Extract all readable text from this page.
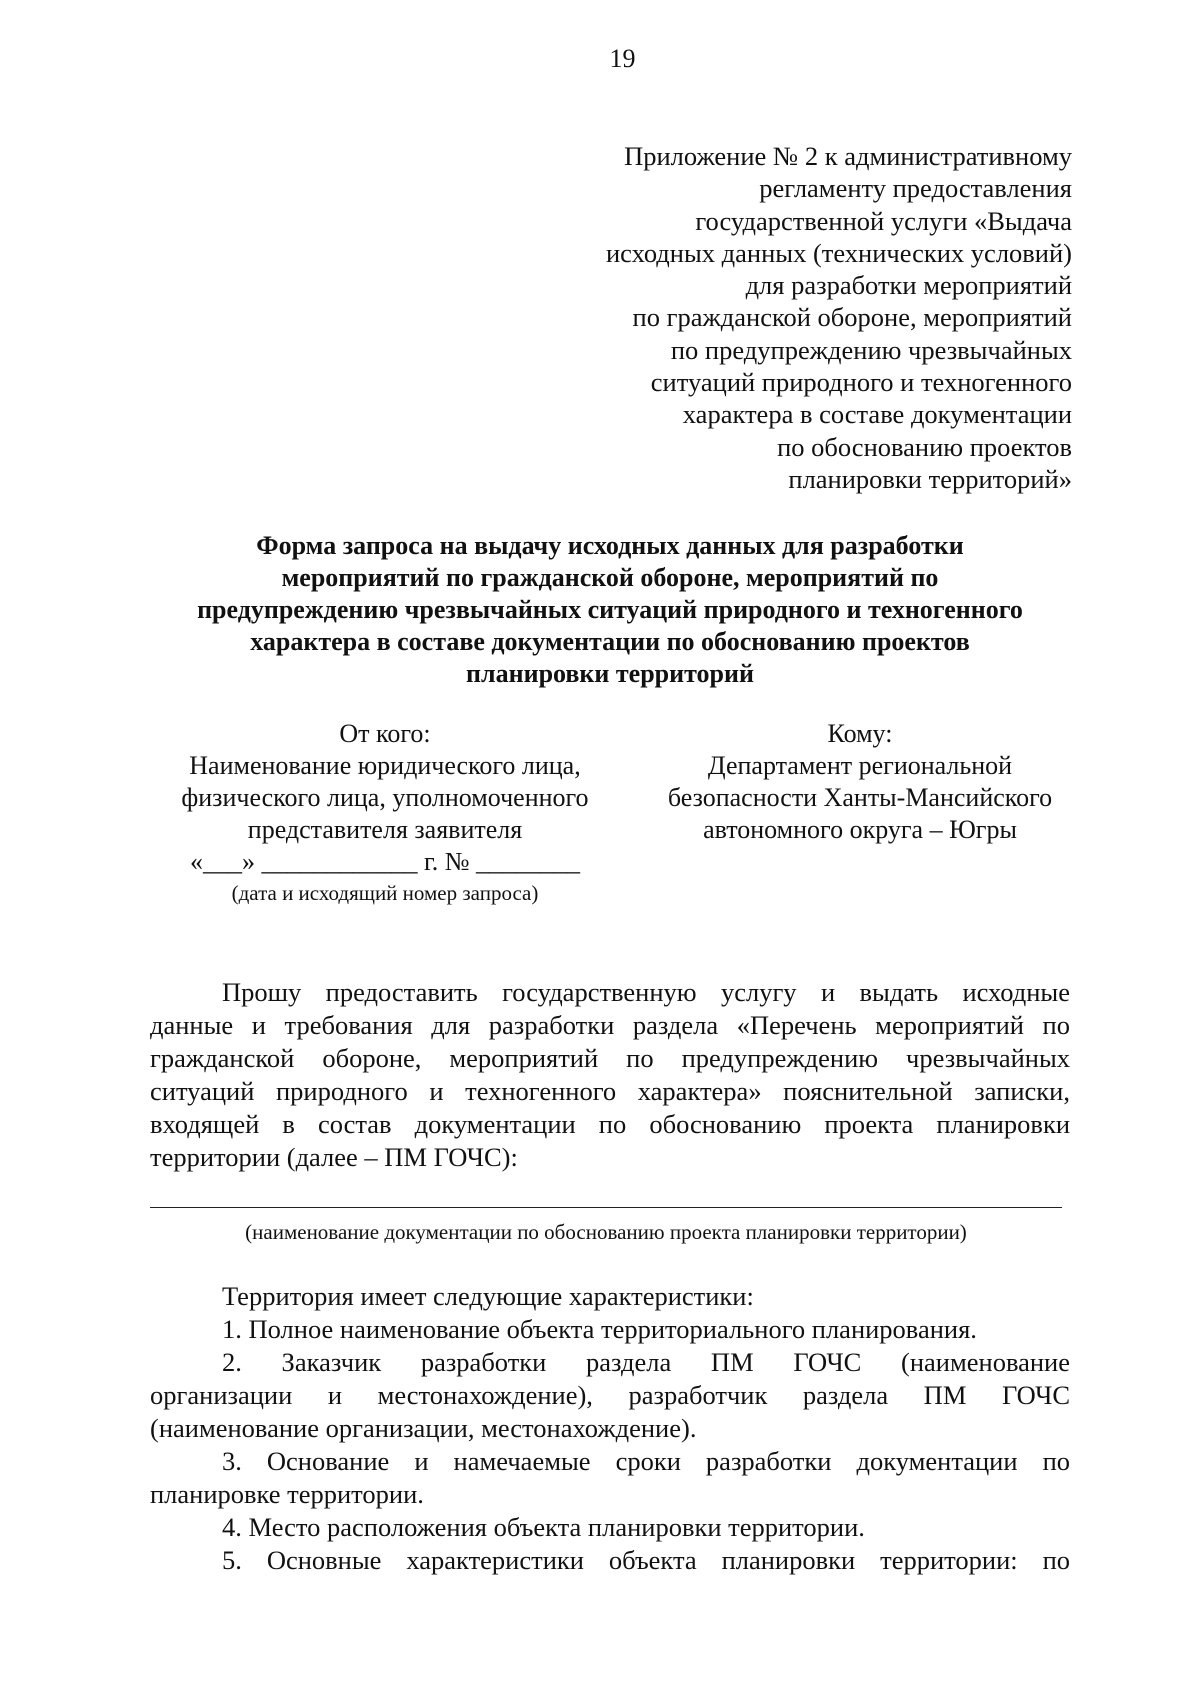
19
Приложение № 2 к административному
регламенту предоставления
государственной услуги «Выдача
исходных данных (технических условий)
для разработки мероприятий
по гражданской обороне, мероприятий
по предупреждению чрезвычайных
ситуаций природного и техногенного
характера в составе документации
по обоснованию проектов
планировки территорий»
Форма запроса на выдачу исходных данных для разработки
мероприятий по гражданской обороне, мероприятий по
предупреждению чрезвычайных ситуаций природного и техногенного
характера в составе документации по обоснованию проектов
планировки территорий
От кого:
Наименование юридического лица,
физического лица, уполномоченного
представителя заявителя
«___» ____________ г. № ________
(дата и исходящий номер запроса)
Кому:
Департамент региональной
безопасности Ханты-Мансийского
автономного округа – Югры
Прошу предоставить государственную услугу и выдать исходные
данные и требования для разработки раздела «Перечень мероприятий по
гражданской обороне, мероприятий по предупреждению чрезвычайных
ситуаций природного и техногенного характера» пояснительной записки,
входящей в состав документации по обоснованию проекта планировки
территории (далее – ПМ ГОЧС):
(наименование документации по обоснованию проекта планировки территории)
Территория имеет следующие характеристики:
1. Полное наименование объекта территориального планирования.
2. Заказчик разработки раздела ПМ ГОЧС (наименование
организации и местонахождение), разработчик раздела ПМ ГОЧС
(наименование организации, местонахождение).
3. Основание и намечаемые сроки разработки документации по
планировке территории.
4. Место расположения объекта планировки территории.
5. Основные характеристики объекта планировки территории: по
